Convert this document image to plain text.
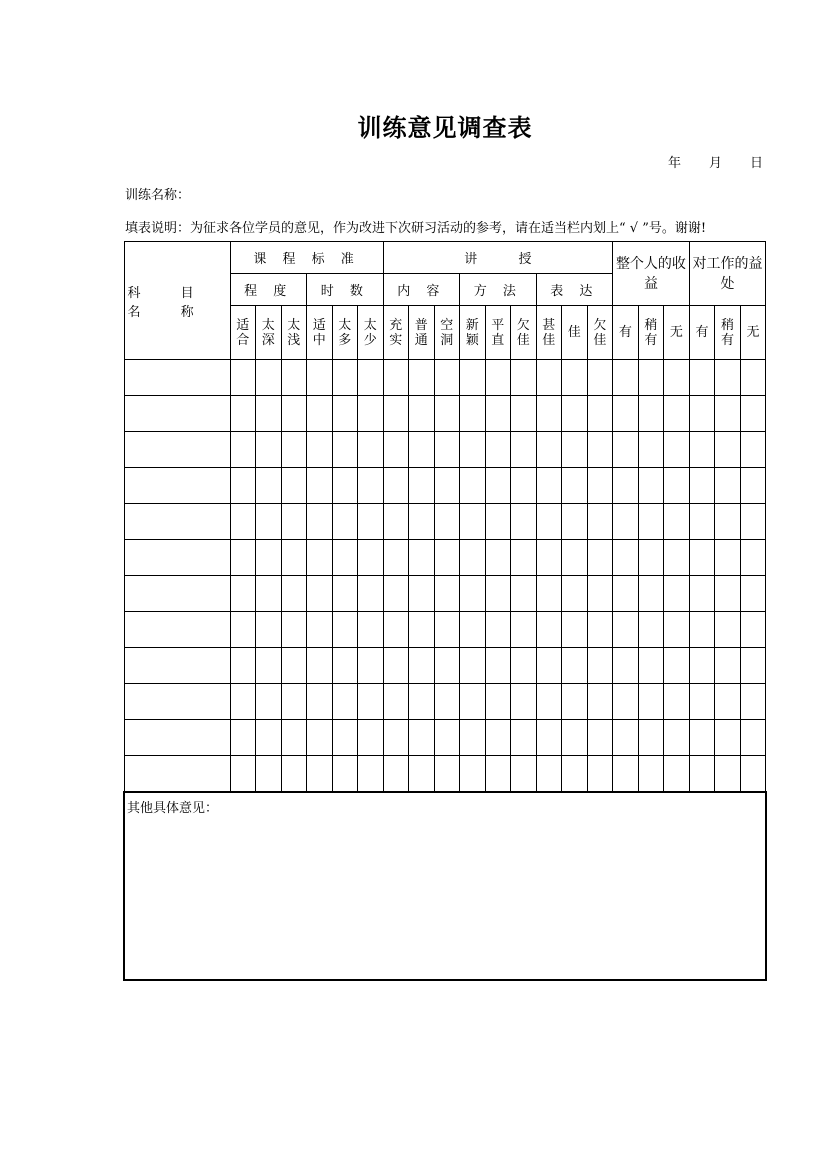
训练意见调查表
年 月 日
训练名称：
填表说明：为征求各位学员的意见，作为改进下次研习活动的参考，请在适当栏内划上“ √ ”号。谢谢!
科 目 名 称	课 程 标 准						讲          授									整个人的收益			对工作的益处		
	程 度			时 数			内 容			方 法			表 达								
	适合	太深	太浅	适中	太多	太少	充实	普通	空洞	新颖	平直	欠佳	甚佳	佳	欠佳	有	稍有	无	有	稍有	无

其他具体意见：																					
